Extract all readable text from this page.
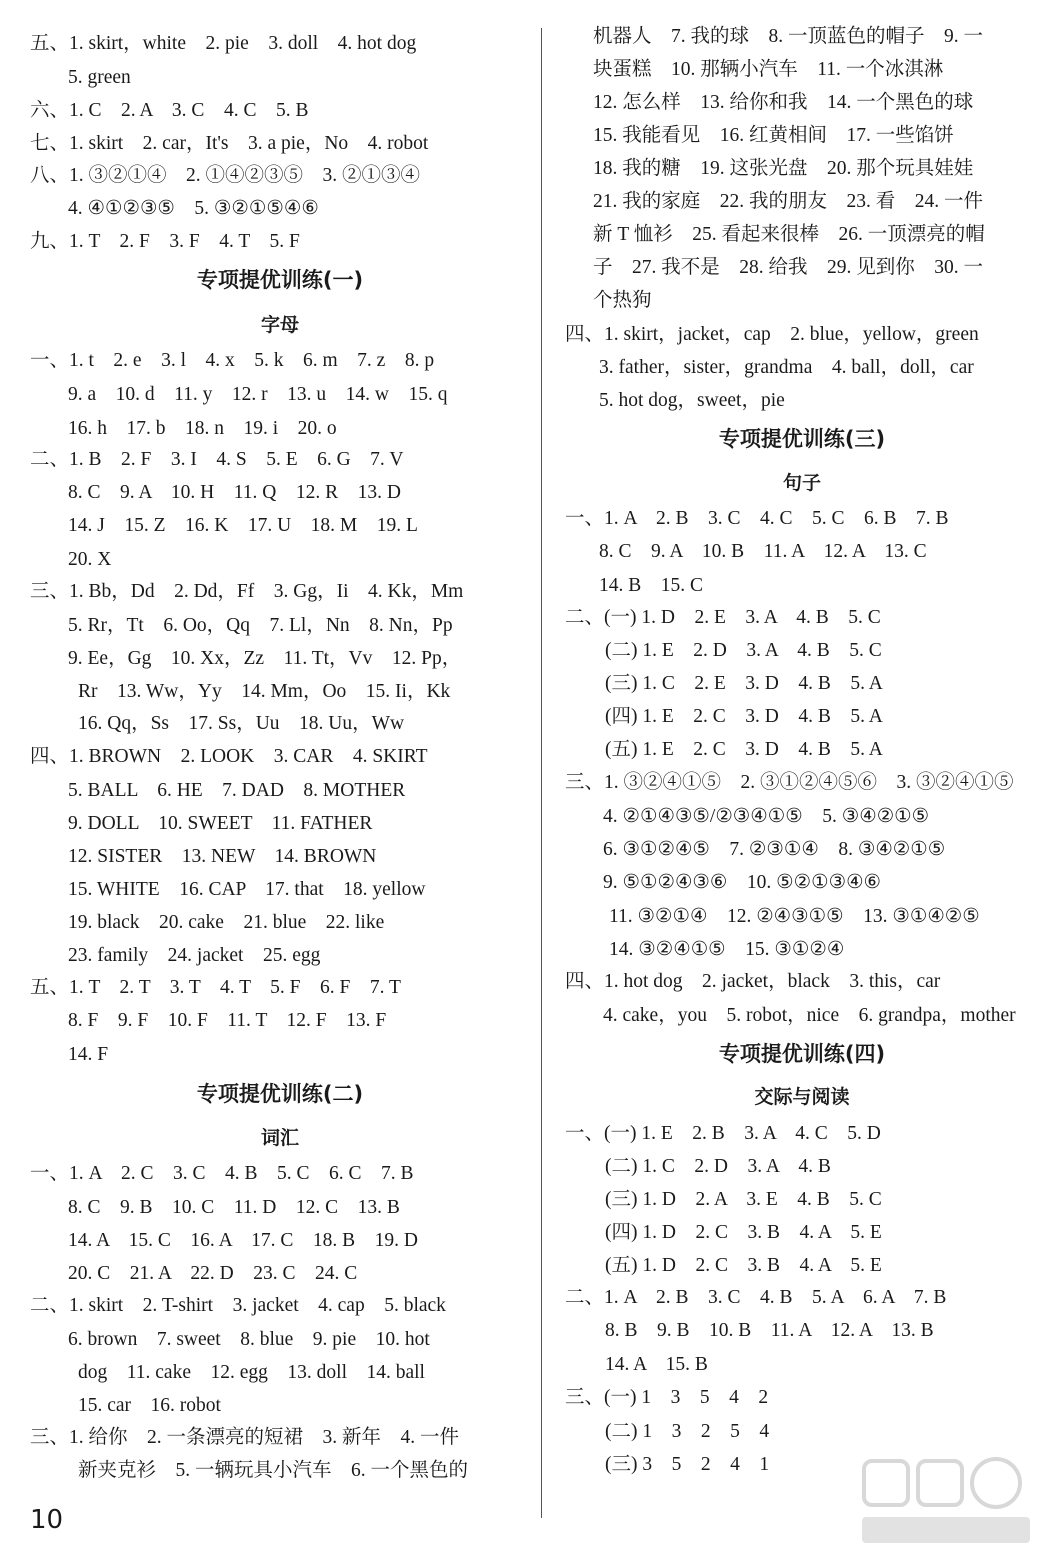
五、1. skirt，white　2. pie　3. doll　4. hot dog
5. green
六、1. C　2. A　3. C　4. C　5. B
七、1. skirt　2. car，It's　3. a pie，No　4. robot
八、1. ③②①④　2. ①④②③⑤　3. ②①③④
4. ④①②③⑤　5. ③②①⑤④⑥
九、1. T　2. F　3. F　4. T　5. F
专项提优训练(一)
字母
一、1. t　2. e　3. l　4. x　5. k　6. m　7. z　8. p
9. a　10. d　11. y　12. r　13. u　14. w　15. q
16. h　17. b　18. n　19. i　20. o
二、1. B　2. F　3. I　4. S　5. E　6. G　7. V
8. C　9. A　10. H　11. Q　12. R　13. D
14. J　15. Z　16. K　17. U　18. M　19. L
20. X
三、1. Bb，Dd　2. Dd，Ff　3. Gg，Ii　4. Kk，Mm
5. Rr，Tt　6. Oo，Qq　7. Ll，Nn　8. Nn，Pp
9. Ee，Gg　10. Xx，Zz　11. Tt，Vv　12. Pp，
Rr　13. Ww，Yy　14. Mm，Oo　15. Ii，Kk
16. Qq，Ss　17. Ss，Uu　18. Uu，Ww
四、1. BROWN　2. LOOK　3. CAR　4. SKIRT
5. BALL　6. HE　7. DAD　8. MOTHER
9. DOLL　10. SWEET　11. FATHER
12. SISTER　13. NEW　14. BROWN
15. WHITE　16. CAP　17. that　18. yellow
19. black　20. cake　21. blue　22. like
23. family　24. jacket　25. egg
五、1. T　2. T　3. T　4. T　5. F　6. F　7. T
8. F　9. F　10. F　11. T　12. F　13. F
14. F
专项提优训练(二)
词汇
一、1. A　2. C　3. C　4. B　5. C　6. C　7. B
8. C　9. B　10. C　11. D　12. C　13. B
14. A　15. C　16. A　17. C　18. B　19. D
20. C　21. A　22. D　23. C　24. C
二、1. skirt　2. T-shirt　3. jacket　4. cap　5. black
6. brown　7. sweet　8. blue　9. pie　10. hot
dog　11. cake　12. egg　13. doll　14. ball
15. car　16. robot
三、1. 给你　2. 一条漂亮的短裙　3. 新年　4. 一件
新夹克衫　5. 一辆玩具小汽车　6. 一个黑色的
机器人　7. 我的球　8. 一顶蓝色的帽子　9. 一
块蛋糕　10. 那辆小汽车　11. 一个冰淇淋
12. 怎么样　13. 给你和我　14. 一个黑色的球
15. 我能看见　16. 红黄相间　17. 一些馅饼
18. 我的糖　19. 这张光盘　20. 那个玩具娃娃
21. 我的家庭　22. 我的朋友　23. 看　24. 一件
新 T 恤衫　25. 看起来很棒　26. 一顶漂亮的帽
子　27. 我不是　28. 给我　29. 见到你　30. 一
个热狗
四、1. skirt，jacket，cap　2. blue，yellow，green
3. father，sister，grandma　4. ball，doll，car
5. hot dog，sweet，pie
专项提优训练(三)
句子
一、1. A　2. B　3. C　4. C　5. C　6. B　7. B
8. C　9. A　10. B　11. A　12. A　13. C
14. B　15. C
二、(一) 1. D　2. E　3. A　4. B　5. C
(二) 1. E　2. D　3. A　4. B　5. C
(三) 1. C　2. E　3. D　4. B　5. A
(四) 1. E　2. C　3. D　4. B　5. A
(五) 1. E　2. C　3. D　4. B　5. A
三、1. ③②④①⑤　2. ③①②④⑤⑥　3. ③②④①⑤
4. ②①④③⑤/②③④①⑤　5. ③④②①⑤
6. ③①②④⑤　7. ②③①④　8. ③④②①⑤
9. ⑤①②④③⑥　10. ⑤②①③④⑥
11. ③②①④　12. ②④③①⑤　13. ③①④②⑤
14. ③②④①⑤　15. ③①②④
四、1. hot dog　2. jacket，black　3. this，car
4. cake，you　5. robot，nice　6. grandpa，mother
专项提优训练(四)
交际与阅读
一、(一) 1. E　2. B　3. A　4. C　5. D
(二) 1. C　2. D　3. A　4. B
(三) 1. D　2. A　3. E　4. B　5. C
(四) 1. D　2. C　3. B　4. A　5. E
(五) 1. D　2. C　3. B　4. A　5. E
二、1. A　2. B　3. C　4. B　5. A　6. A　7. B
8. B　9. B　10. B　11. A　12. A　13. B
14. A　15. B
三、(一) 1　3　5　4　2
(二) 1　3　2　5　4
(三) 3　5　2　4　1
10
